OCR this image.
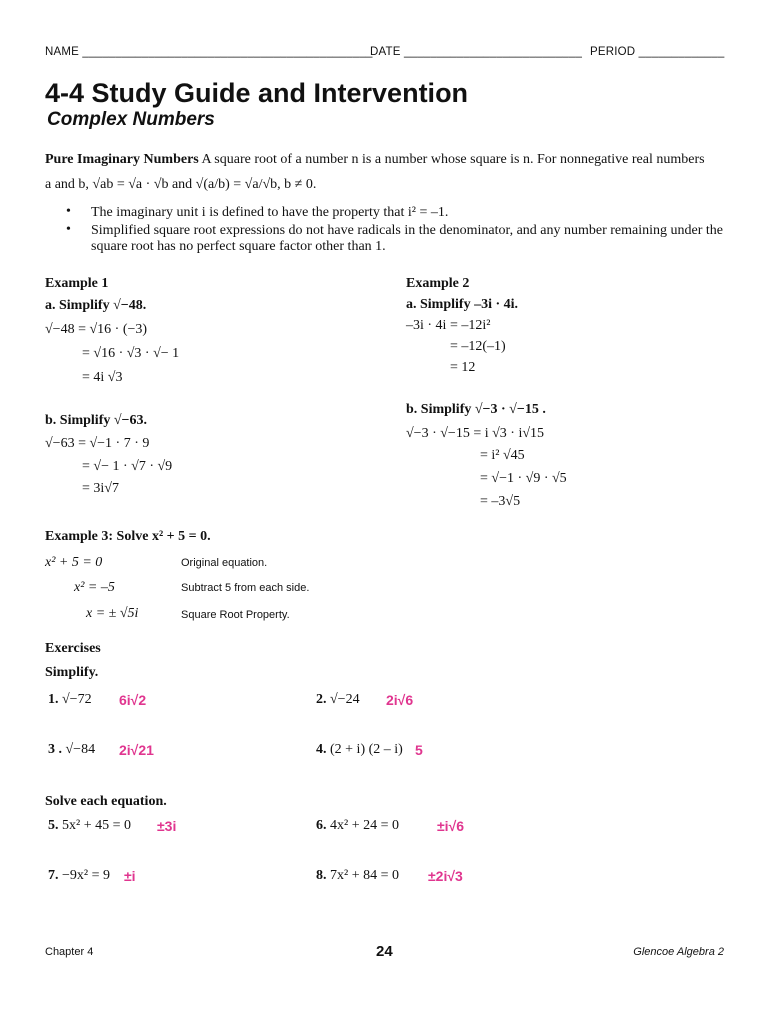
NAME ____________________________________________
DATE ___________________________ PERIOD _____________
4-4 Study Guide and Intervention
Complex Numbers
Pure Imaginary Numbers A square root of a number n is a number whose square is n. For nonnegative real numbers
a and b, √ab = √a · √b and √(a/b) = √a/√b, b ≠ 0.
• The imaginary unit i is defined to have the property that i² = –1.
• Simplified square root expressions do not have radicals in the denominator, and any number remaining under the
square root has no perfect square factor other than 1.
Example 1
a. Simplify √−48.
√−48 = √16 · (−3)
= √16 · √3 · √− 1
= 4i √3
b. Simplify √−63.
√−63 = √−1 · 7 · 9
= √− 1 · √7 · √9
= 3i√7
Example 2
a. Simplify –3i · 4i.
–3i · 4i = –12i²
= –12(–1)
= 12
b. Simplify √−3 · √−15 .
√−3 · √−15 = i √3 · i√15
= i² √45
= √−1 · √9 · √5
= –3√5
Example 3: Solve x² + 5 = 0.
x² + 5 = 0	Original equation.
x² = –5	Subtract 5 from each side.
x = ± √5i	Square Root Property.
Exercises
Simplify.
1. √−72 6i√2	2. √−24 2i√6
3 . √−84 2i√21	4. (2 + i) (2 – i) 5
Solve each equation.
5. 5x² + 45 = 0 ±3i	6. 4x² + 24 = 0	±i√6
7. −9x² = 9 ±i	8. 7x² + 84 = 0 ±2i√3
Chapter 4	24	Glencoe Algebra 2
